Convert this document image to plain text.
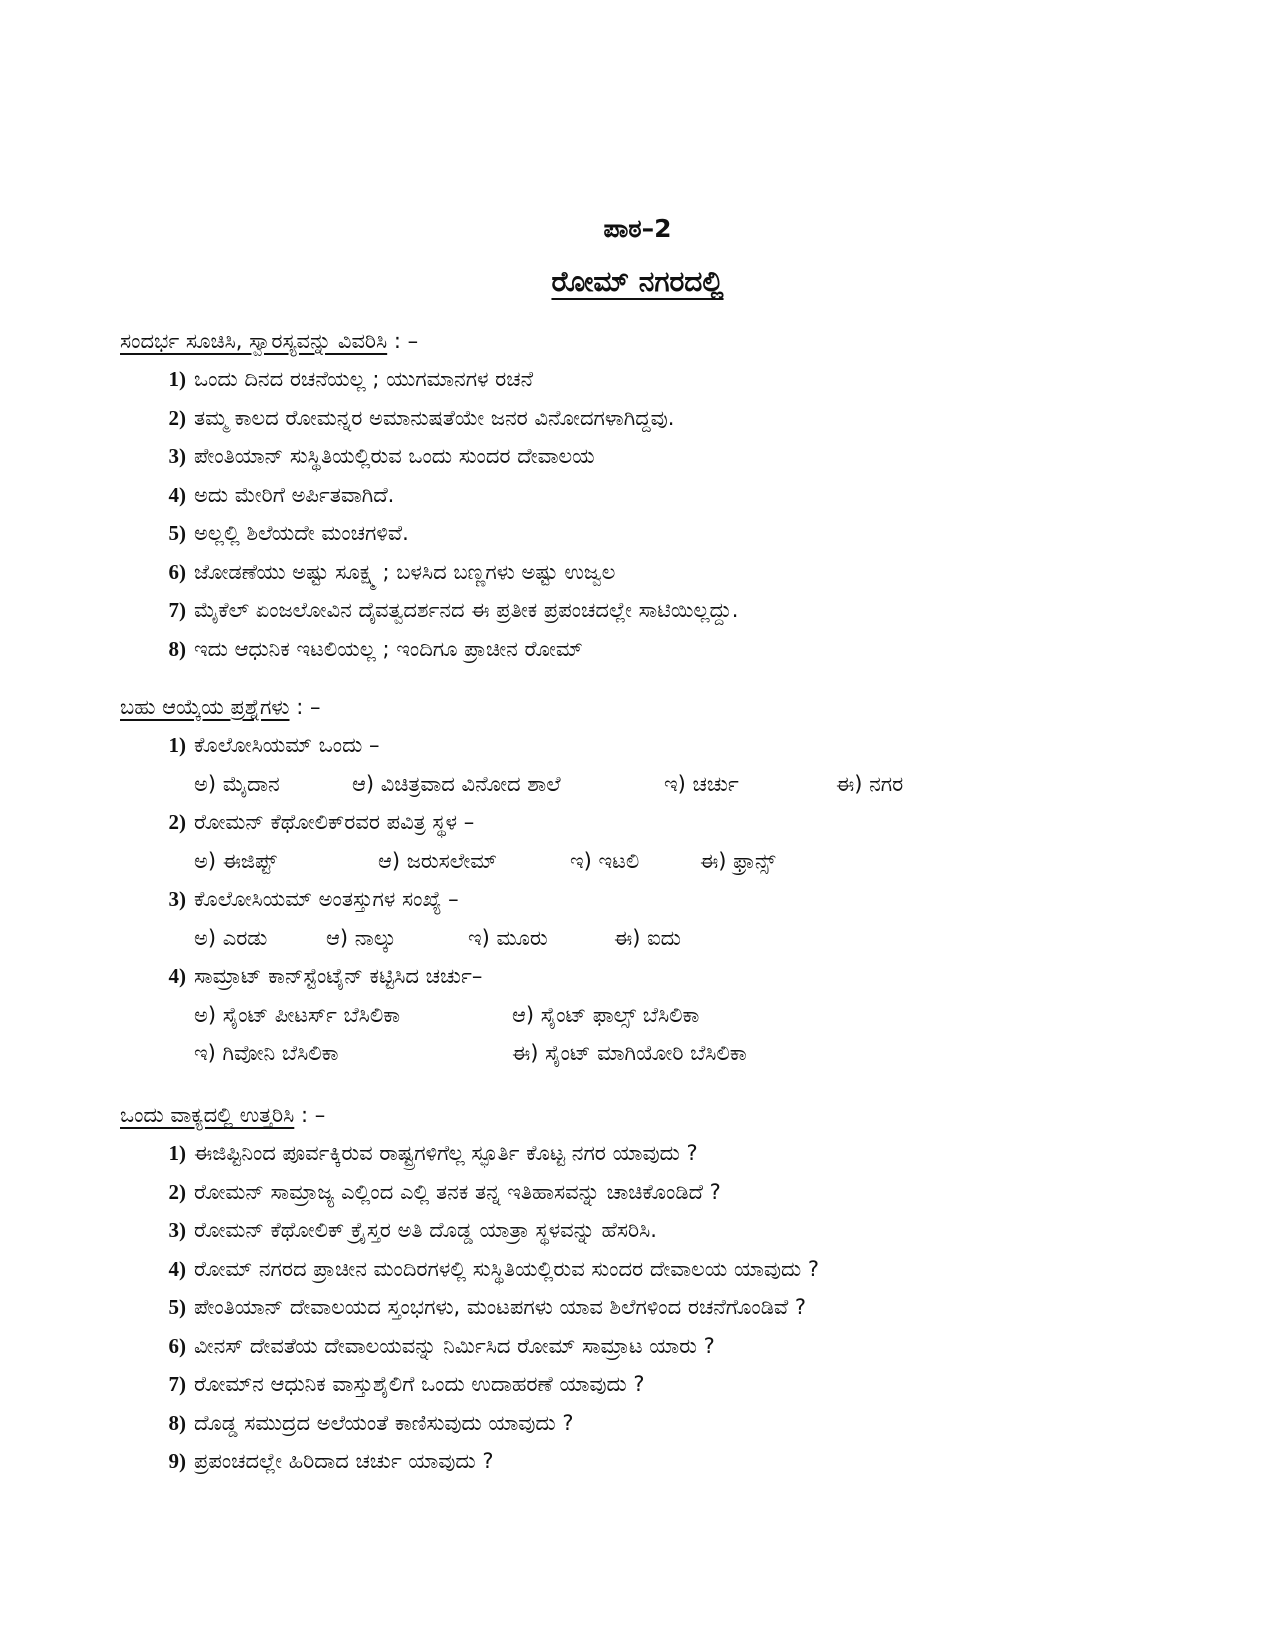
ಪಾಠ–2
ರೋಮ್ ನಗರದಲ್ಲಿ
ಸಂದರ್ಭ ಸೂಚಿಸಿ, ಸ್ವಾರಸ್ಯವನ್ನು ವಿವರಿಸಿ : –
1) ಒಂದು ದಿನದ ರಚನೆಯಲ್ಲ ; ಯುಗಮಾನಗಳ ರಚನೆ
2) ತಮ್ಮ ಕಾಲದ ರೋಮನ್ನರ ಅಮಾನುಷತೆಯೇ ಜನರ ವಿನೋದಗಳಾಗಿದ್ದವು.
3) ಪೇಂತಿಯಾನ್ ಸುಸ್ಥಿತಿಯಲ್ಲಿರುವ ಒಂದು ಸುಂದರ ದೇವಾಲಯ
4) ಅದು ಮೇರಿಗೆ ಅರ್ಪಿತವಾಗಿದೆ.
5) ಅಲ್ಲಲ್ಲಿ ಶಿಲೆಯದೇ ಮಂಚಗಳಿವೆ.
6) ಜೋಡಣೆಯು ಅಷ್ಟು ಸೂಕ್ಷ್ಮ ; ಬಳಸಿದ ಬಣ್ಣಗಳು ಅಷ್ಟು ಉಜ್ವಲ
7) ಮೈಕೆಲ್ ಏಂಜಲೋವಿನ ದೈವತ್ವದರ್ಶನದ ಈ ಪ್ರತೀಕ ಪ್ರಪಂಚದಲ್ಲೇ ಸಾಟಿಯಿಲ್ಲದ್ದು.
8) ಇದು ಆಧುನಿಕ ಇಟಲಿಯಲ್ಲ ; ಇಂದಿಗೂ ಪ್ರಾಚೀನ ರೋಮ್
ಬಹು ಆಯ್ಕೆಯ ಪ್ರಶ್ನೆಗಳು : –
1) ಕೊಲೋಸಿಯಮ್ ಒಂದು –
ಅ) ಮೈದಾನ	ಆ) ವಿಚಿತ್ರವಾದ ವಿನೋದ ಶಾಲೆ	ಇ) ಚರ್ಚು	ಈ) ನಗರ
2) ರೋಮನ್ ಕೆಥೋಲಿಕ್‌ರವರ ಪವಿತ್ರ ಸ್ಥಳ –
ಅ) ಈಜಿಪ್ಟ್	ಆ) ಜರುಸಲೇಮ್	ಇ) ಇಟಲಿ	ಈ) ಫ್ರಾನ್ಸ್
3) ಕೊಲೋಸಿಯಮ್ ಅಂತಸ್ತುಗಳ ಸಂಖ್ಯೆ –
ಅ) ಎರಡು	ಆ) ನಾಲ್ಕು	ಇ) ಮೂರು	ಈ) ಐದು
4) ಸಾಮ್ರಾಟ್ ಕಾನ್‌ಸ್ಟೆಂಟೈನ್ ಕಟ್ಟಿಸಿದ ಚರ್ಚು–
ಅ) ಸೈಂಟ್ ಪೀಟರ್ಸ್ ಬೆಸಿಲಿಕಾ	ಆ) ಸೈಂಟ್ ಫಾಲ್ಸ್ ಬೆಸಿಲಿಕಾ
ಇ) ಗಿವೋನಿ ಬೆಸಿಲಿಕಾ	ಈ) ಸೈಂಟ್ ಮಾಗಿಯೋರಿ ಬೆಸಿಲಿಕಾ
ಒಂದು ವಾಕ್ಯದಲ್ಲಿ ಉತ್ತರಿಸಿ : –
1) ಈಜಿಪ್ಟಿನಿಂದ ಪೂರ್ವಕ್ಕಿರುವ ರಾಷ್ಟ್ರಗಳಿಗೆಲ್ಲ ಸ್ಫೂರ್ತಿ ಕೊಟ್ಟ ನಗರ ಯಾವುದು ?
2) ರೋಮನ್ ಸಾಮ್ರಾಜ್ಯ ಎಲ್ಲಿಂದ ಎಲ್ಲಿ ತನಕ ತನ್ನ ಇತಿಹಾಸವನ್ನು ಚಾಚಿಕೊಂಡಿದೆ ?
3) ರೋಮನ್ ಕೆಥೋಲಿಕ್ ಕ್ರೈಸ್ತರ ಅತಿ ದೊಡ್ಡ ಯಾತ್ರಾ ಸ್ಥಳವನ್ನು ಹೆಸರಿಸಿ.
4) ರೋಮ್ ನಗರದ ಪ್ರಾಚೀನ ಮಂದಿರಗಳಲ್ಲಿ ಸುಸ್ಥಿತಿಯಲ್ಲಿರುವ ಸುಂದರ ದೇವಾಲಯ ಯಾವುದು ?
5) ಪೇಂತಿಯಾನ್ ದೇವಾಲಯದ ಸ್ತಂಭಗಳು, ಮಂಟಪಗಳು ಯಾವ ಶಿಲೆಗಳಿಂದ ರಚನೆಗೊಂಡಿವೆ ?
6) ವೀನಸ್ ದೇವತೆಯ ದೇವಾಲಯವನ್ನು ನಿರ್ಮಿಸಿದ ರೋಮ್ ಸಾಮ್ರಾಟ ಯಾರು ?
7) ರೋಮ್‌ನ ಆಧುನಿಕ ವಾಸ್ತುಶೈಲಿಗೆ ಒಂದು ಉದಾಹರಣೆ ಯಾವುದು ?
8) ದೊಡ್ಡ ಸಮುದ್ರದ ಅಲೆಯಂತೆ ಕಾಣಿಸುವುದು ಯಾವುದು ?
9) ಪ್ರಪಂಚದಲ್ಲೇ ಹಿರಿದಾದ ಚರ್ಚು ಯಾವುದು ?
